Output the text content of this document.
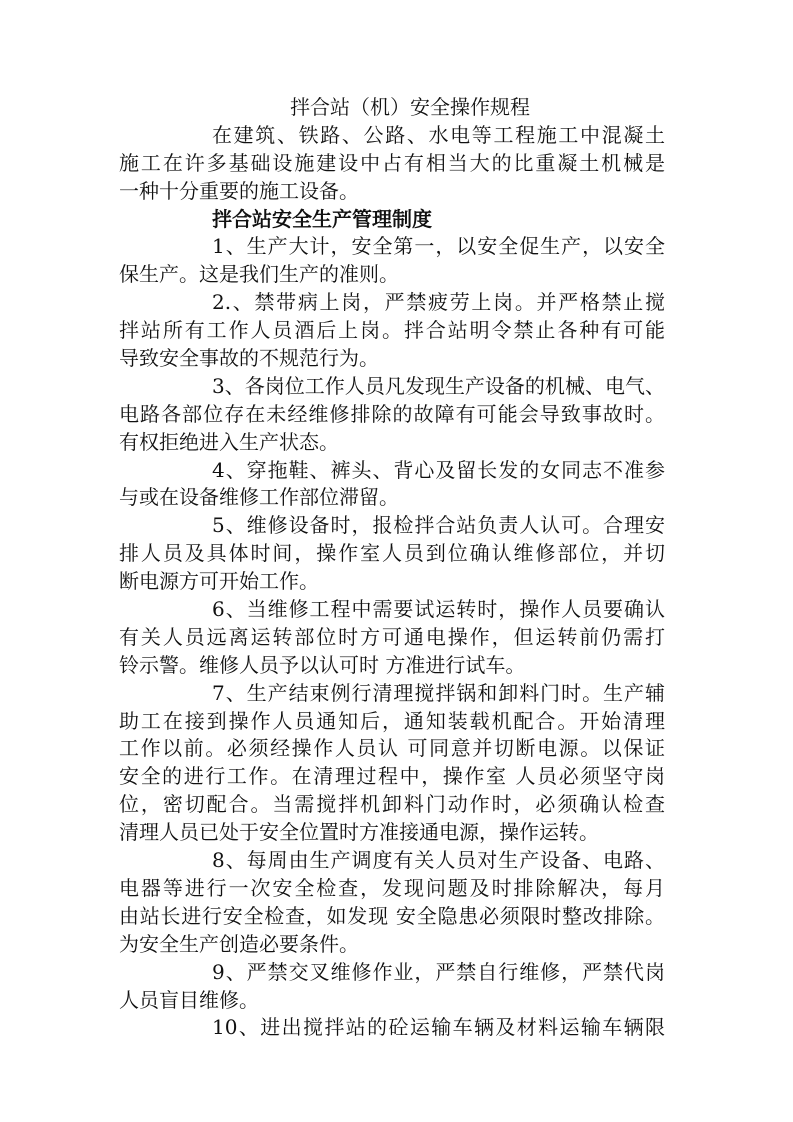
拌合站（机）安全操作规程
在建筑、铁路、公路、水电等工程施工中混凝土
施工在许多基础设施建设中占有相当大的比重凝土机械是
一种十分重要的施工设备。
拌合站安全生产管理制度
1、生产大计，安全第一，以安全促生产，以安全
保生产。这是我们生产的准则。
2.、禁带病上岗，严禁疲劳上岗。并严格禁止搅
拌站所有工作人员酒后上岗。拌合站明令禁止各种有可能
导致安全事故的不规范行为。
3、各岗位工作人员凡发现生产设备的机械、电气、
电路各部位存在未经维修排除的故障有可能会导致事故时。
有权拒绝进入生产状态。
4、穿拖鞋、裤头、背心及留长发的女同志不准参
与或在设备维修工作部位滞留。
5、维修设备时，报检拌合站负责人认可。合理安
排人员及具体时间，操作室人员到位确认维修部位，并切
断电源方可开始工作。
6、当维修工程中需要试运转时，操作人员要确认
有关人员远离运转部位时方可通电操作，但运转前仍需打
铃示警。维修人员予以认可时 方准进行试车。
7、生产结束例行清理搅拌锅和卸料门时。生产辅
助工在接到操作人员通知后，通知装载机配合。开始清理
工作以前。必须经操作人员认 可同意并切断电源。以保证
安全的进行工作。在清理过程中，操作室 人员必须坚守岗
位，密切配合。当需搅拌机卸料门动作时，必须确认检查
清理人员已处于安全位置时方准接通电源，操作运转。
8、每周由生产调度有关人员对生产设备、电路、
电器等进行一次安全检查，发现问题及时排除解决，每月
由站长进行安全检查，如发现 安全隐患必须限时整改排除。
为安全生产创造必要条件。
9、严禁交叉维修作业，严禁自行维修，严禁代岗
人员盲目维修。
10、进出搅拌站的砼运输车辆及材料运输车辆限
